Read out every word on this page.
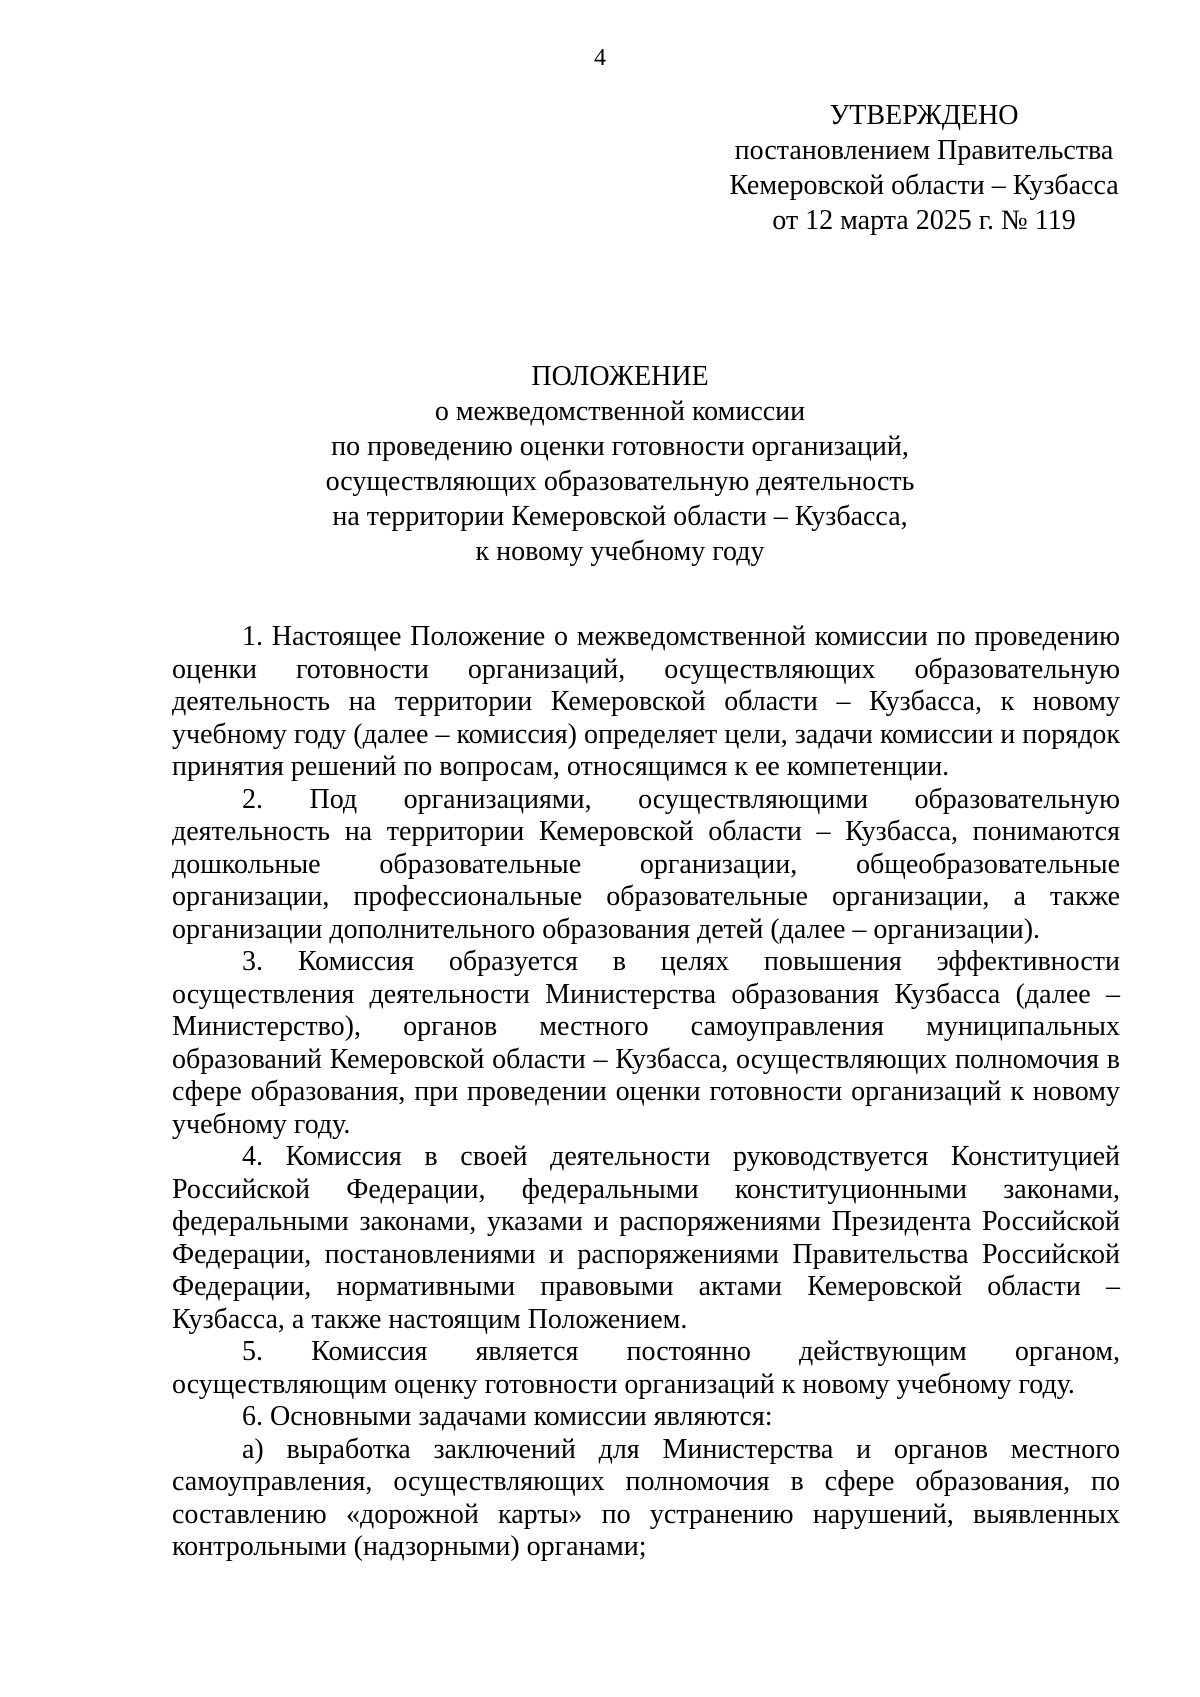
4
УТВЕРЖДЕНО
постановлением Правительства
Кемеровской области – Кузбасса
от 12 марта 2025 г. № 119
ПОЛОЖЕНИЕ
о межведомственной комиссии
по проведению оценки готовности организаций,
осуществляющих образовательную деятельность
на территории Кемеровской области – Кузбасса,
к новому учебному году

1. Настоящее Положение о межведомственной комиссии по проведению оценки готовности организаций, осуществляющих образовательную деятельность на территории Кемеровской области – Кузбасса, к новому учебному году (далее – комиссия) определяет цели, задачи комиссии и порядок принятия решений по вопросам, относящимся к ее компетенции.

2. Под организациями, осуществляющими образовательную деятельность на территории Кемеровской области – Кузбасса, понимаются дошкольные образовательные организации, общеобразовательные организации, профессиональные образовательные организации, а также организации дополнительного образования детей (далее – организации).

3. Комиссия образуется в целях повышения эффективности осуществления деятельности Министерства образования Кузбасса (далее – Министерство), органов местного самоуправления муниципальных образований Кемеровской области – Кузбасса, осуществляющих полномочия в сфере образования, при проведении оценки готовности организаций к новому учебному году.

4. Комиссия в своей деятельности руководствуется Конституцией Российской Федерации, федеральными конституционными законами, федеральными законами, указами и распоряжениями Президента Российской Федерации, постановлениями и распоряжениями Правительства Российской Федерации, нормативными правовыми актами Кемеровской области – Кузбасса, а также настоящим Положением.

5. Комиссия является постоянно действующим органом, осуществляющим оценку готовности организаций к новому учебному году.

6. Основными задачами комиссии являются:

а) выработка заключений для Министерства и органов местного самоуправления, осуществляющих полномочия в сфере образования, по составлению «дорожной карты» по устранению нарушений, выявленных контрольными (надзорными) органами;
